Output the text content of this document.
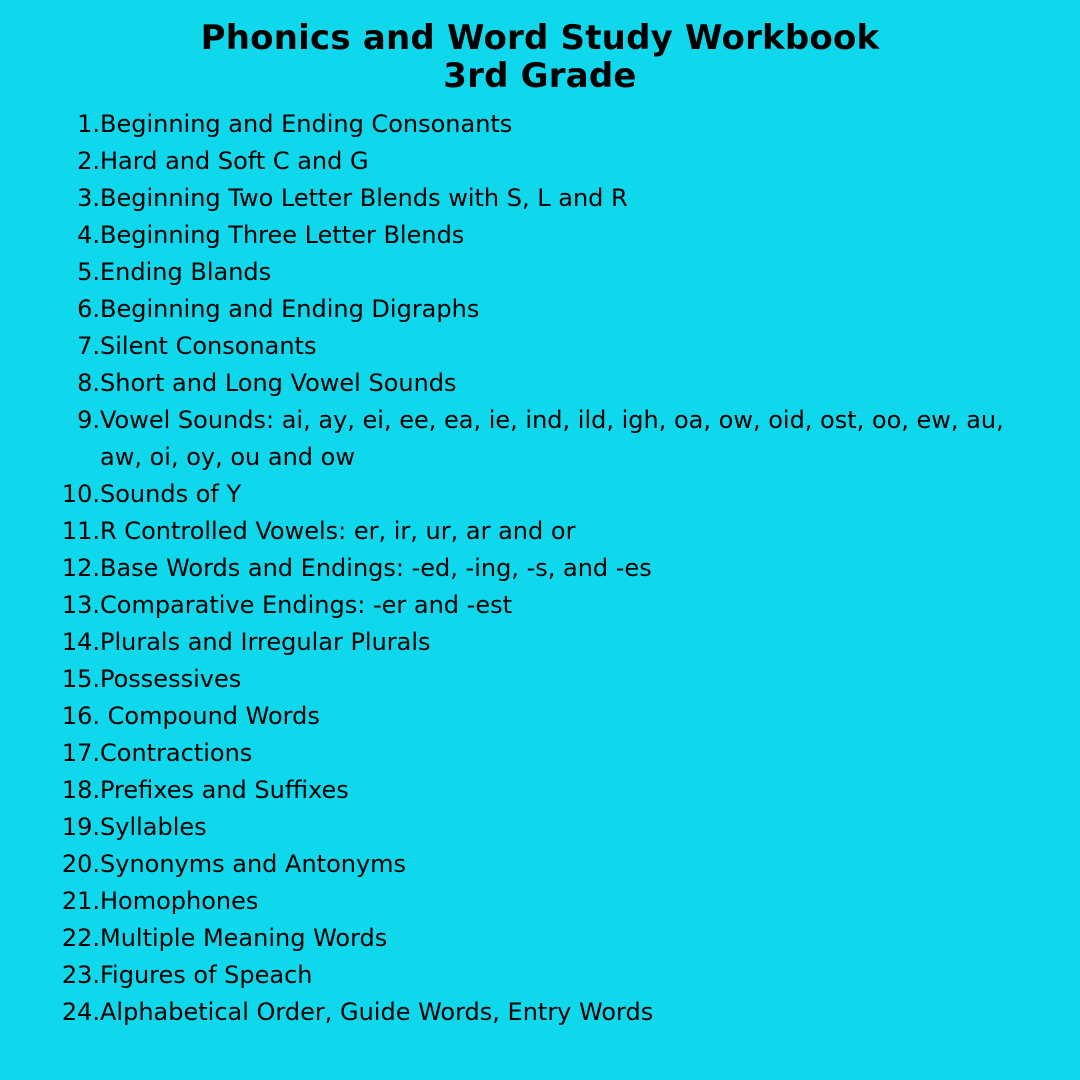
Phonics and Word Study Workbook
3rd Grade
1. Beginning and Ending Consonants
2. Hard and Soft C and G
3. Beginning Two Letter Blends with S, L and R
4. Beginning Three Letter Blends
5. Ending Blands
6. Beginning and Ending Digraphs
7. Silent Consonants
8. Short and Long Vowel Sounds
9. Vowel Sounds: ai, ay, ei, ee, ea, ie, ind, ild, igh, oa, ow, oid, ost, oo, ew, au,
aw, oi, oy, ou and ow
10. Sounds of Y
11. R Controlled Vowels: er, ir, ur, ar and or
12. Base Words and Endings: -ed, -ing, -s, and -es
13. Comparative Endings: -er and -est
14. Plurals and Irregular Plurals
15. Possessives
16. Compound Words
17. Contractions
18. Prefixes and Suffixes
19. Syllables
20. Synonyms and Antonyms
21. Homophones
22. Multiple Meaning Words
23. Figures of Speach
24. Alphabetical Order, Guide Words, Entry Words
